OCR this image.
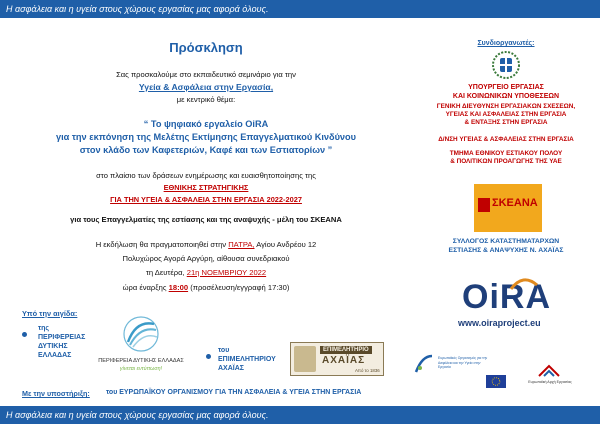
Η ασφάλεια και η υγεία στους χώρους εργασίας μας αφορά όλους.
Πρόσκληση
Σας προσκαλούμε στο εκπαιδευτικό σεμινάριο για την
Υγεία & Ασφάλεια στην Εργασία,
με κεντρικό θέμα:
“ Το ψηφιακό εργαλείο OiRA
για την εκπόνηση της Μελέτης Εκτίμησης Επαγγελματικού Κινδύνου
στον κλάδο των Καφετεριών, Καφέ και των Εστιατορίων ”
στο πλαίσιο των δράσεων ενημέρωσης και ευαισθητοποίησης της
ΕΘΝΙΚΗΣ ΣΤΡΑΤΗΓΙΚΗΣ
ΓΙΑ ΤΗΝ ΥΓΕΙΑ & ΑΣΦΑΛΕΙΑ ΣΤΗΝ ΕΡΓΑΣΙΑ 2022-2027
για τους Επαγγελματίες της εστίασης και της αναψυχής - μέλη του ΣΚΕΑΝΑ
Η εκδήλωση θα πραγματοποιηθεί στην ΠΑΤΡΑ, Αγίου Ανδρέου 12
Πολυχώρος Αγορά Αργύρη, αίθουσα συνεδριακού
τη Δευτέρα, 21η ΝΟΕΜΒΡΙΟΥ 2022
ώρα έναρξης 18:00 (προσέλευση/εγγραφή 17:30)
Υπό την αιγίδα:
της
ΠΕΡΙΦΕΡΕΙΑΣ
ΔΥΤΙΚΗΣ
ΕΛΛΑΔΑΣ
ΠΕΡΙΦΕΡΕΙΑ ΔΥΤΙΚΗΣ ΕΛΛΑΔΑΣ
γίνεται εντύπωση!
του
ΕΠΙΜΕΛΗΤΗΡΙΟΥ
ΑΧΑΪΑΣ
ΕΠΙΜΕΛΗΤΗΡΙΟ
ΑΧΑΪΑΣ
Από το 1836
Με την υποστήριξη: του ΕΥΡΩΠΑΪΚΟΥ ΟΡΓΑΝΙΣΜΟΥ ΓΙΑ ΤΗΝ ΑΣΦΑΛΕΙΑ & ΥΓΕΙΑ ΣΤΗΝ ΕΡΓΑΣΙΑ
Συνδιοργανωτές:
ΥΠΟΥΡΓΕΙΟ ΕΡΓΑΣΙΑΣ
ΚΑΙ ΚΟΙΝΩΝΙΚΩΝ ΥΠΟΘΕΣΕΩΝ
ΓΕΝΙΚΗ ΔΙΕΥΘΥΝΣΗ ΕΡΓΑΣΙΑΚΩΝ ΣΧΕΣΕΩΝ,
ΥΓΕΙΑΣ ΚΑΙ ΑΣΦΑΛΕΙΑΣ ΣΤΗΝ ΕΡΓΑΣΙΑ
& ΕΝΤΑΞΗΣ ΣΤΗΝ ΕΡΓΑΣΙΑ
Δ/ΝΣΗ ΥΓΕΙΑΣ & ΑΣΦΑΛΕΙΑΣ ΣΤΗΝ ΕΡΓΑΣΙΑ
ΤΜΗΜΑ ΕΘΝΙΚΟΥ ΕΣΤΙΑΚΟΥ ΠΟΛΟΥ
& ΠΟΛΙΤΙΚΩΝ ΠΡΟΑΓΩΓΗΣ ΤΗΣ ΥΑΕ
ΣΚΕΑΝΑ
ΣΥΛΛΟΓΟΣ ΚΑΤΑΣΤΗΜΑΤΑΡΧΩΝ
ΕΣΤΙΑΣΗΣ & ΑΝΑΨΥΧΗΣ Ν. ΑΧΑΪΑΣ
OiRA
www.oiraproject.eu
Ευρωπαϊκός Οργανισμός για την Ασφάλεια και την Υγεία στην Εργασία
Ευρωπαϊκή Αρχή Εργασίας
Η ασφάλεια και η υγεία στους χώρους εργασίας μας αφορά όλους.
